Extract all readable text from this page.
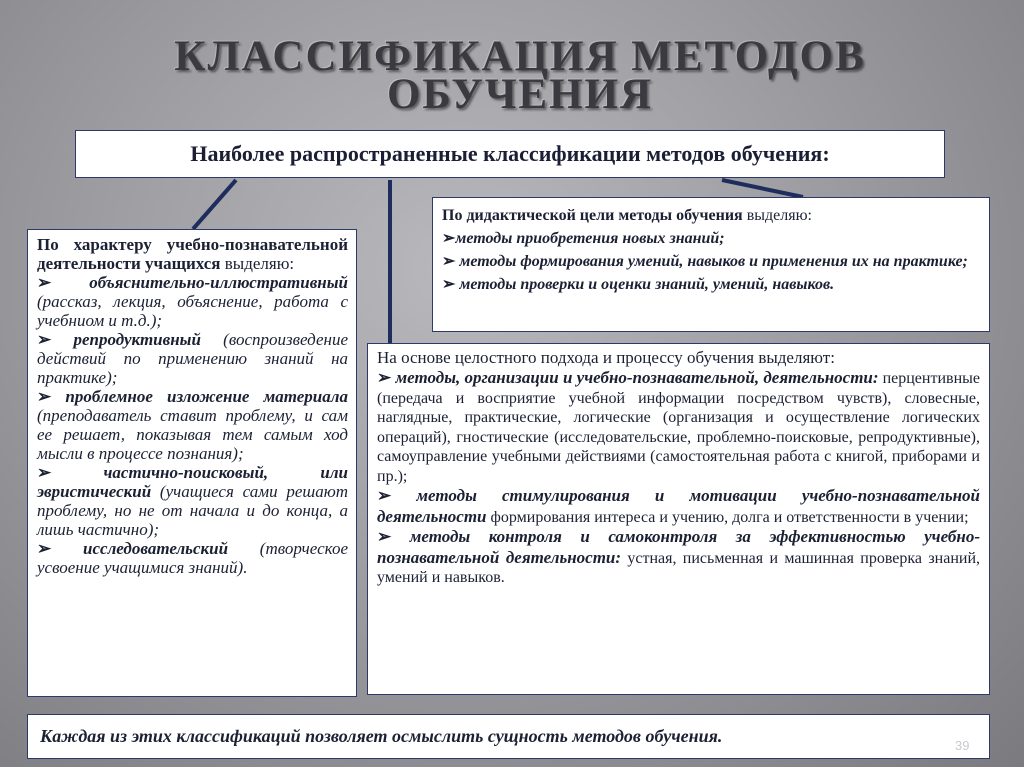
КЛАССИФИКАЦИЯ МЕТОДОВ
ОБУЧЕНИЯ
Наиболее распространенные классификации методов обучения:

По характеру учебно-познавательной деятельности учащихся выделяю:

➢ объяснительно-иллюстративный (рассказ, лекция, объяснение, работа с учебниом и т.д.);

➢ репродуктивный (воспроизведение действий по применению знаний на практике);

➢ проблемное изложение материала (преподаватель ставит проблему, и сам ее решает, показывая тем самым ход мысли в процессе познания);

➢	частично-поисковый, или эвристический (учащиеся сами решают проблему, но не от начала и до конца, а лишь частично);

➢ исследовательский (творческое усвоение учащимися знаний).

По дидактической цели методы обучения выделяю:

➢методы приобретения новых знаний;

➢ методы формирования умений, навыков и применения их на практике;

➢ методы проверки и оценки знаний, умений, навыков.

На основе целостного подхода и процессу обучения выделяют:

➢ методы, организации и учебно-познавательной, деятельности: перцентивные (передача и восприятие учебной информации посредством чувств), словесные, наглядные, практические, логические (организация и осуществление логических операций), гностические (исследовательские, проблемно-поисковые, репродуктивные), самоуправление учебными действиями (самостоятельная работа с книгой, приборами и пр.);

➢ методы стимулирования и мотивации учебно-познавательной деятельности формирования интереса и учению, долга и ответственности в учении;

➢ методы контроля и самоконтроля за эффективностью учебно-познавательной деятельности: устная, письменная и машинная проверка знаний, умений и навыков.

Каждая из этих классификаций позволяет осмыслить сущность методов обучения.	39
